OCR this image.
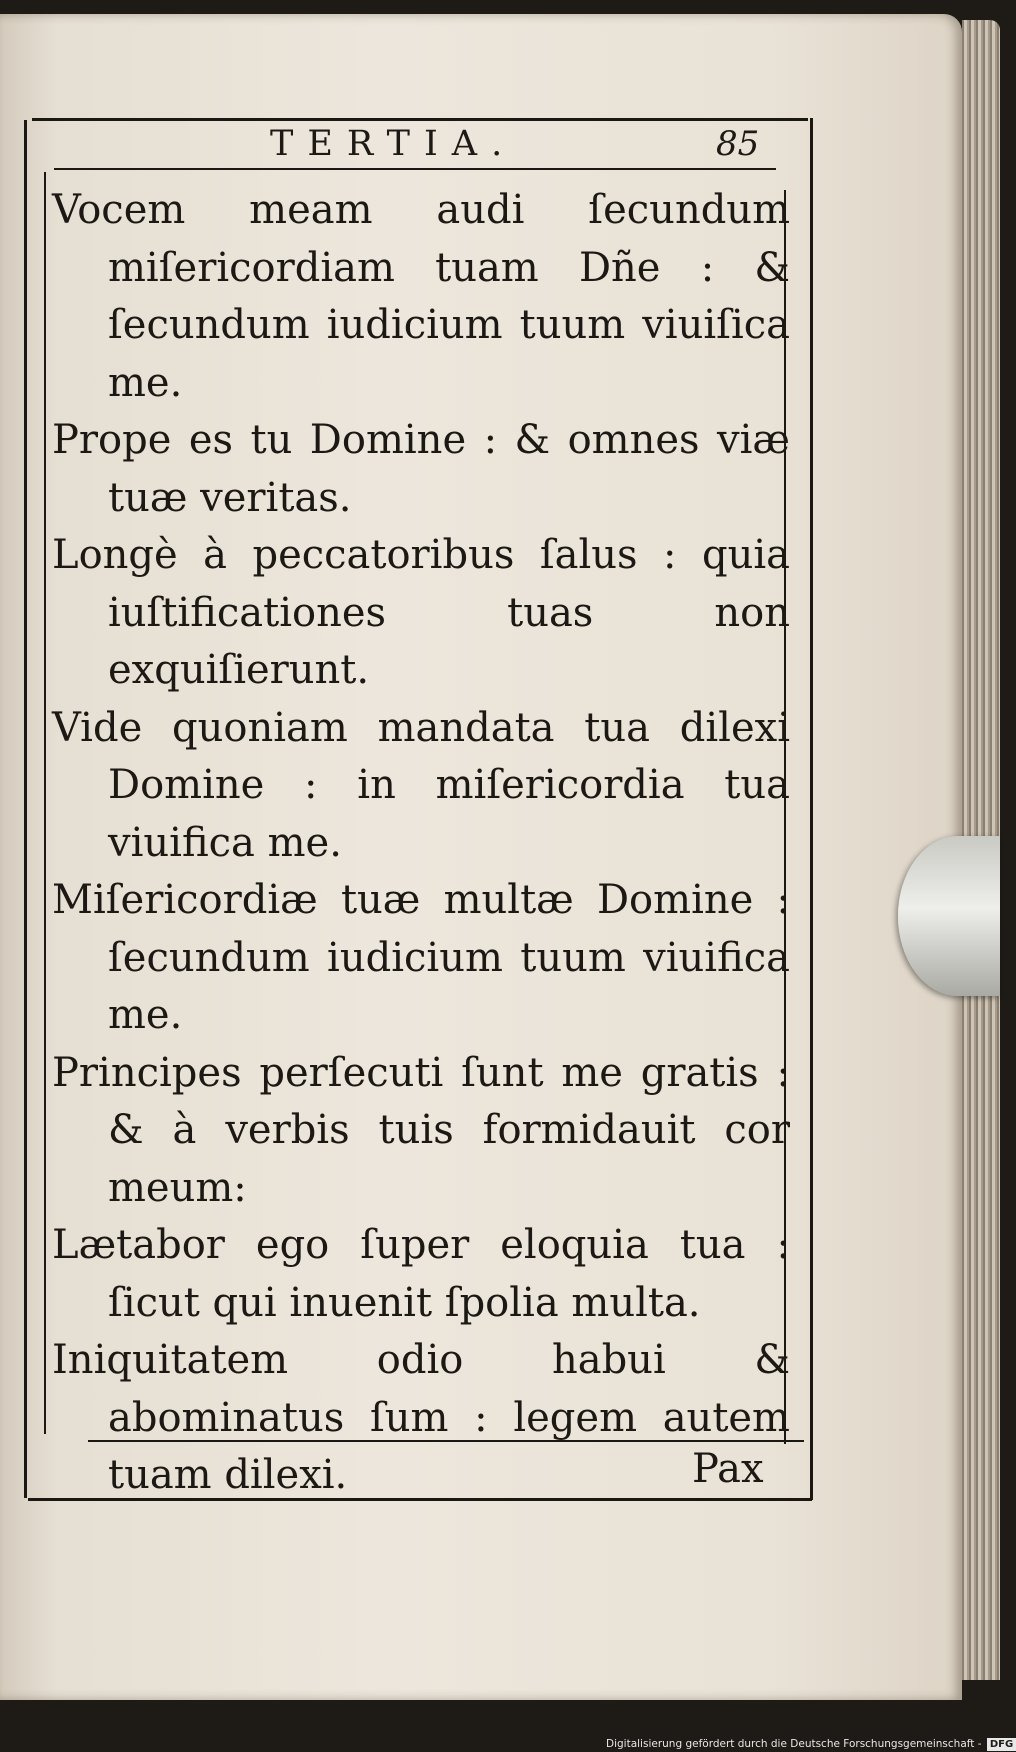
TERTIA.	85
Vocem meam audi ſecundum miſericordiam tuam Dñe : & ſecundum iudicium tuum viuiſica me.
Prope es tu Domine : & omnes viæ tuæ veritas.
Longè à peccatoribus ſalus : quia iuſtificationes tuas non exquiſierunt.
Vide quoniam mandata tua dilexi Domine : in miſericordia tua viuifica me.
Miſericordiæ tuæ multæ Domine : ſecundum iudicium tuum viuifica me.
Principes perſecuti ſunt me gratis : & à verbis tuis formidauit cor meum:
Lætabor ego ſuper eloquia tua : ſicut qui inuenit ſpolia multa.
Iniquitatem odio habui & abominatus ſum : legem autem tuam dilexi.	Pax
Digitalisierung gefördert durch die Deutsche Forschungsgemeinschaft - DFG
